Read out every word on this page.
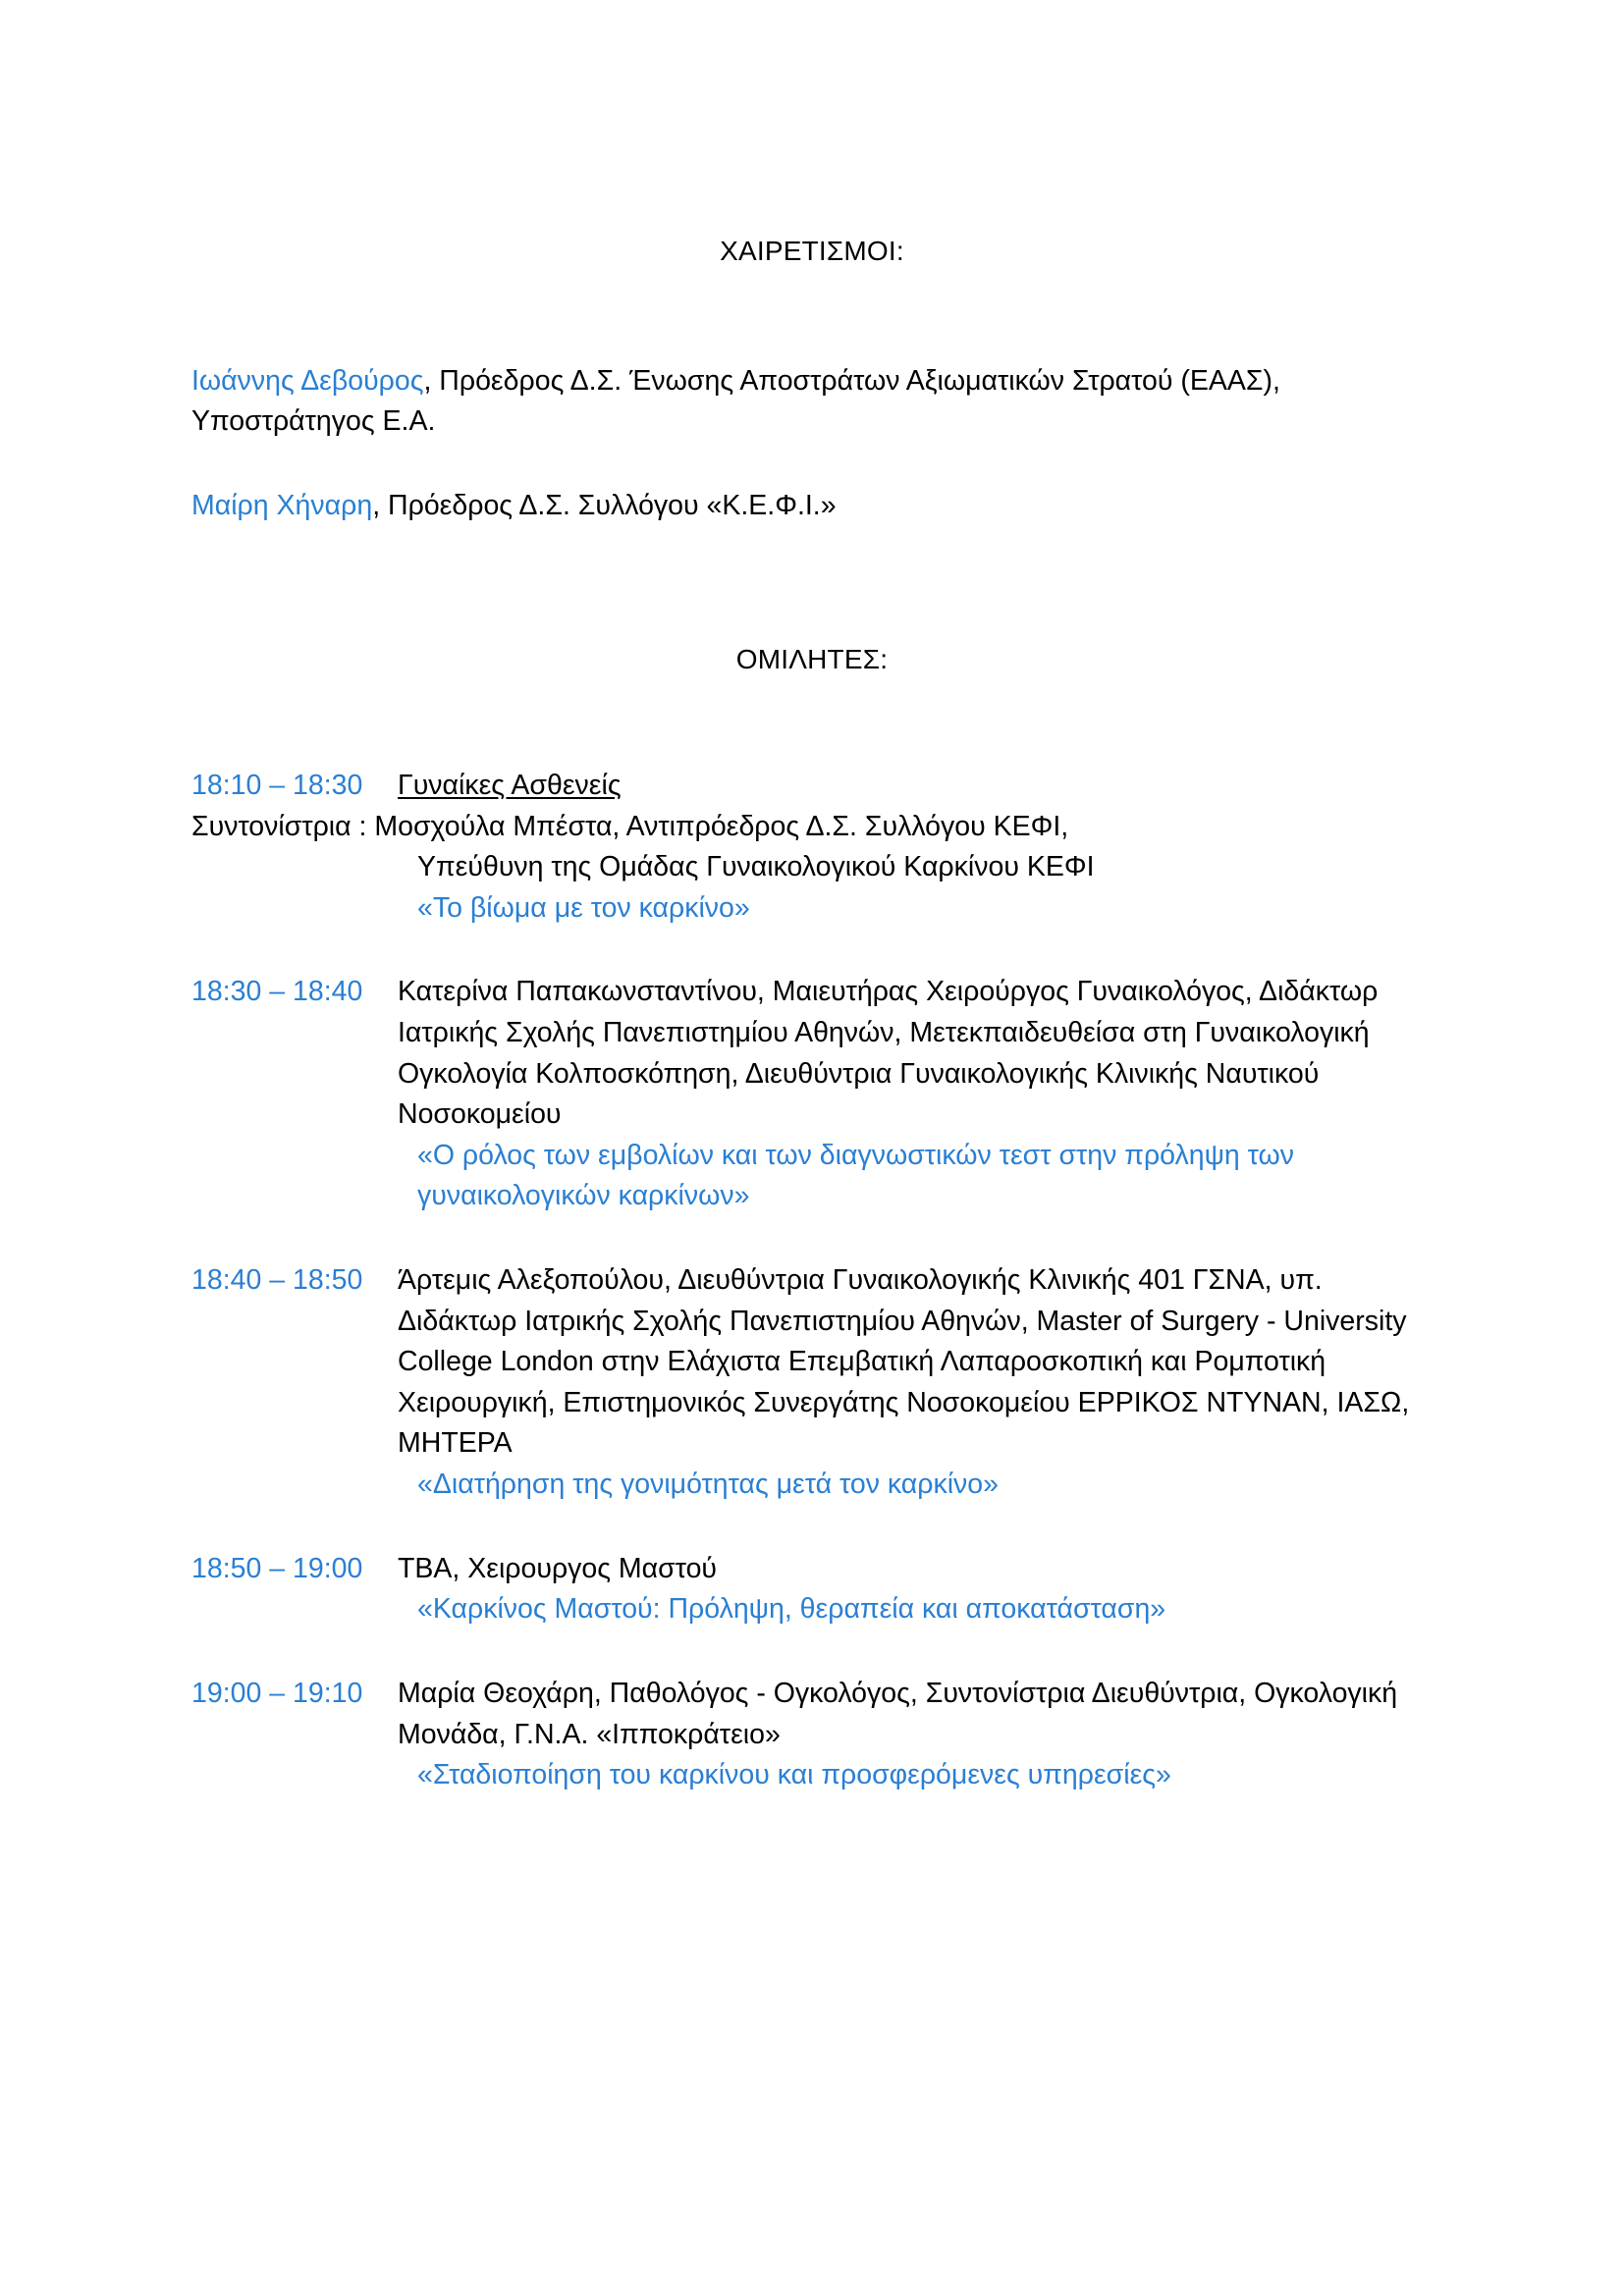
ΧΑΙΡΕΤΙΣΜΟΙ:
Ιωάννης Δεβούρος, Πρόεδρος Δ.Σ. Ένωσης Αποστράτων Αξιωματικών Στρατού (ΕΑΑΣ), Υποστράτηγος Ε.Α.
Μαίρη Χήναρη, Πρόεδρος Δ.Σ. Συλλόγου «Κ.Ε.Φ.Ι.»
ΟΜΙΛΗΤΕΣ:
18:10 – 18:30	Γυναίκες Ασθενείς
Συντονίστρια : Μοσχούλα Μπέστα, Αντιπρόεδρος Δ.Σ. Συλλόγου ΚΕΦΙ,
Υπεύθυνη της Ομάδας Γυναικολογικού Καρκίνου ΚΕΦΙ
«Το βίωμα με τον καρκίνο»
18:30 – 18:40	Κατερίνα Παπακωνσταντίνου, Μαιευτήρας Χειρούργος Γυναικολόγος, Διδάκτωρ Ιατρικής Σχολής Πανεπιστημίου Αθηνών, Μετεκπαιδευθείσα στη Γυναικολογική Ογκολογία Κολποσκόπηση, Διευθύντρια Γυναικολογικής Κλινικής Ναυτικού Νοσοκομείου
«Ο ρόλος των εμβολίων και των διαγνωστικών τεστ στην πρόληψη των γυναικολογικών καρκίνων»
18:40 – 18:50	Άρτεμις Αλεξοπούλου, Διευθύντρια Γυναικολογικής Κλινικής 401 ΓΣΝΑ, υπ. Διδάκτωρ Ιατρικής Σχολής Πανεπιστημίου Αθηνών, Master of Surgery - University College London στην Ελάχιστα Επεμβατική Λαπαροσκοπική και Ρομποτική Χειρουργική, Επιστημονικός Συνεργάτης Νοσοκομείου ΕΡΡΙΚΟΣ ΝΤΥΝΑΝ, ΙΑΣΩ, ΜΗΤΕΡΑ
«Διατήρηση της γονιμότητας μετά τον καρκίνο»
18:50 – 19:00	TBA, Χειρουργος Μαστού
«Καρκίνος Μαστού: Πρόληψη, θεραπεία και αποκατάσταση»
19:00 – 19:10	Μαρία Θεοχάρη, Παθολόγος - Ογκολόγος, Συντονίστρια Διευθύντρια, Ογκολογική Μονάδα, Γ.Ν.Α. «Ιπποκράτειο»
«Σταδιοποίηση του καρκίνου και προσφερόμενες υπηρεσίες»
